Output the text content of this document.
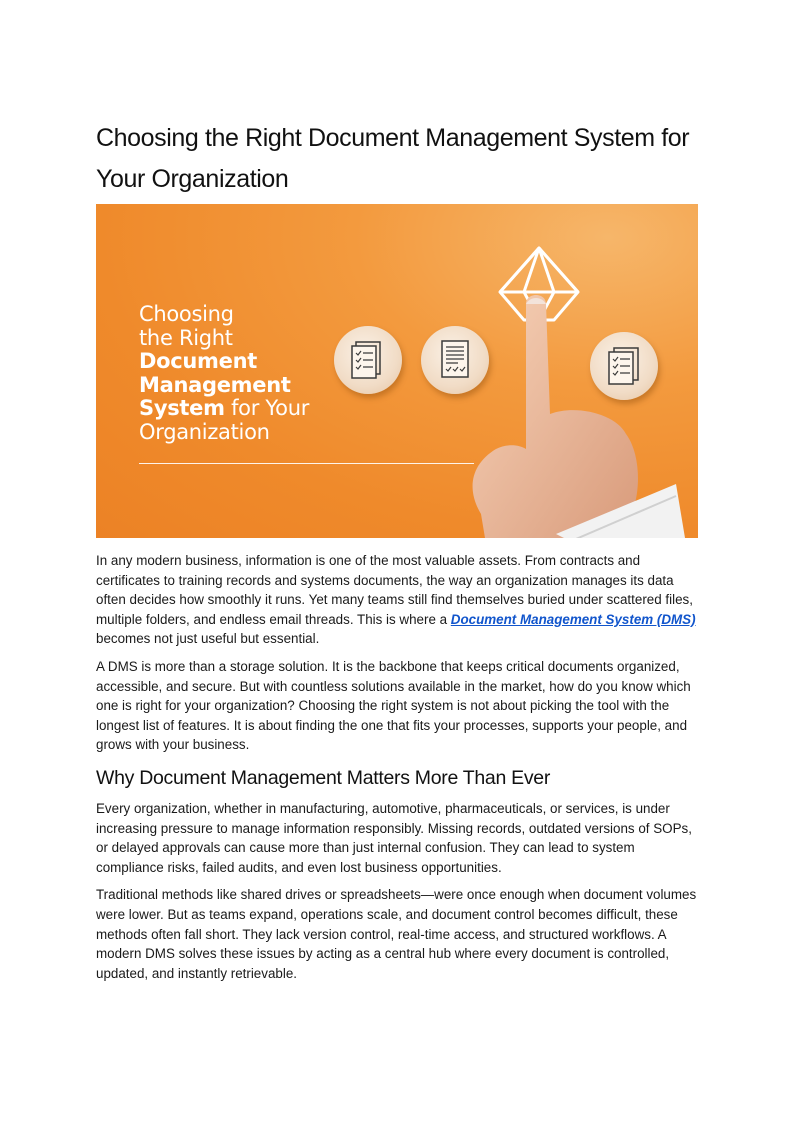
Choosing the Right Document Management System for Your Organization
Choosing
the Right
Document
Management
System for Your
Organization

In any modern business, information is one of the most valuable assets. From contracts and certificates to training records and systems documents, the way an organization manages its data often decides how smoothly it runs. Yet many teams still find themselves buried under scattered files, multiple folders, and endless email threads. This is where a Document Management System (DMS) becomes not just useful but essential.

A DMS is more than a storage solution. It is the backbone that keeps critical documents organized, accessible, and secure. But with countless solutions available in the market, how do you know which one is right for your organization? Choosing the right system is not about picking the tool with the longest list of features. It is about finding the one that fits your processes, supports your people, and grows with your business.

Why Document Management Matters More Than Ever

Every organization, whether in manufacturing, automotive, pharmaceuticals, or services, is under increasing pressure to manage information responsibly. Missing records, outdated versions of SOPs, or delayed approvals can cause more than just internal confusion. They can lead to system compliance risks, failed audits, and even lost business opportunities.

Traditional methods like shared drives or spreadsheets—were once enough when document volumes were lower. But as teams expand, operations scale, and document control becomes difficult, these methods often fall short. They lack version control, real-time access, and structured workflows. A modern DMS solves these issues by acting as a central hub where every document is controlled, updated, and instantly retrievable.
